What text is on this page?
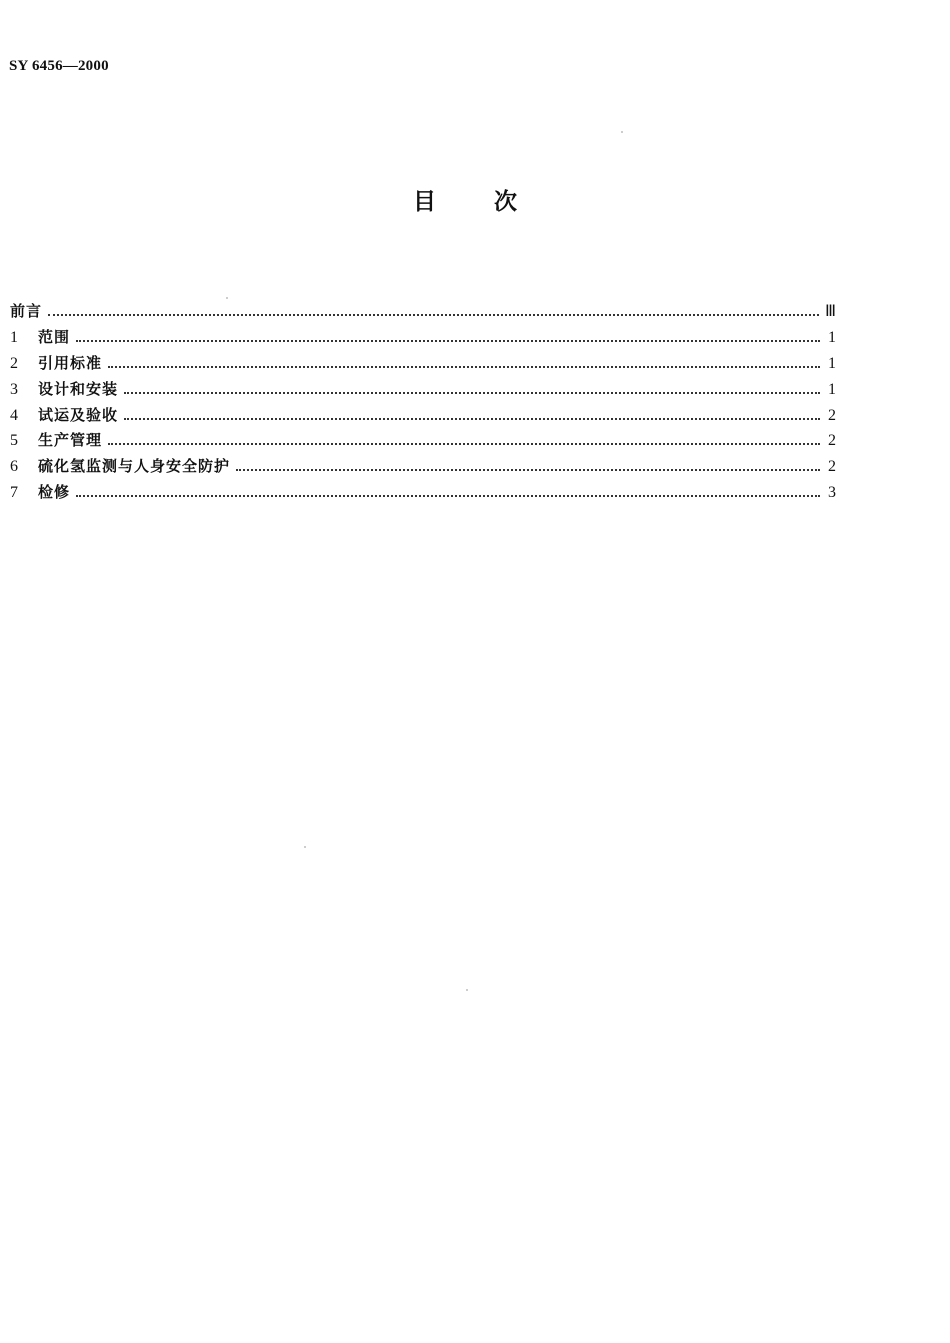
SY 6456—2000
目	次
前言	Ⅲ
1	范围	1
2	引用标准	1
3	设计和安装	1
4	试运及验收	2
5	生产管理	2
6	硫化氢监测与人身安全防护	2
7	检修	3
